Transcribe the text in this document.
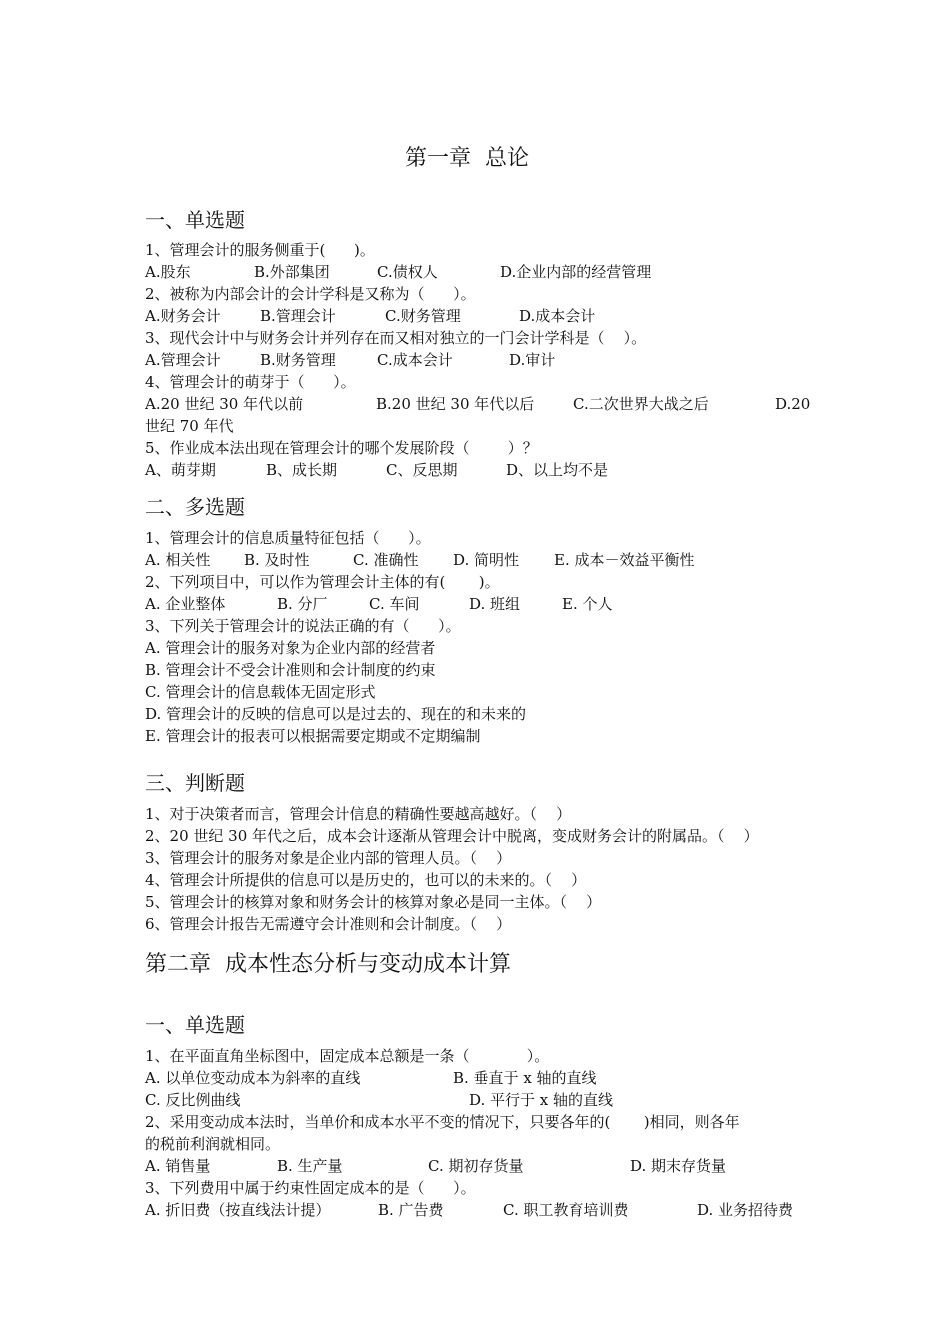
第一章  总论
一、单选题
1、管理会计的服务侧重于(      )。
A.股东	B.外部集团	C.债权人	D.企业内部的经营管理
2、被称为内部会计的会计学科是又称为（      ）。
A.财务会计	B.管理会计	C.财务管理	D.成本会计
3、现代会计中与财务会计并列存在而又相对独立的一门会计学科是（    ）。
A.管理会计	B.财务管理	C.成本会计	D.审计
4、管理会计的萌芽于（      ）。
A.20 世纪 30 年代以前	B.20 世纪 30 年代以后	C.二次世界大战之后	D.20
世纪 70 年代
5、作业成本法出现在管理会计的哪个发展阶段（        ）？
A、萌芽期	B、成长期	C、反思期	D、以上均不是
二、多选题
1、管理会计的信息质量特征包括（      ）。
A. 相关性 B. 及时性	C. 准确性 D. 简明性 E. 成本－效益平衡性
2、下列项目中，可以作为管理会计主体的有(       )。
A. 企业整体	B. 分厂	C. 车间	D. 班组	E. 个人
3、下列关于管理会计的说法正确的有（      ）。
A. 管理会计的服务对象为企业内部的经营者
B. 管理会计不受会计准则和会计制度的约束
C. 管理会计的信息载体无固定形式
D. 管理会计的反映的信息可以是过去的、现在的和未来的
E. 管理会计的报表可以根据需要定期或不定期编制
三、判断题
1、对于决策者而言，管理会计信息的精确性要越高越好。（    ）
2、20 世纪 30 年代之后，成本会计逐渐从管理会计中脱离，变成财务会计的附属品。（    ）
3、管理会计的服务对象是企业内部的管理人员。（    ）
4、管理会计所提供的信息可以是历史的，也可以的未来的。（    ）
5、管理会计的核算对象和财务会计的核算对象必是同一主体。（    ）
6、管理会计报告无需遵守会计准则和会计制度。（    ）
第二章  成本性态分析与变动成本计算
一、单选题
1、在平面直角坐标图中，固定成本总额是一条（            ）。
A. 以单位变动成本为斜率的直线	B. 垂直于 x 轴的直线
C. 反比例曲线	D. 平行于 x 轴的直线
2、采用变动成本法时，当单价和成本水平不变的情况下，只要各年的(       )相同，则各年
的税前利润就相同。
A. 销售量	B. 生产量	C. 期初存货量	D. 期末存货量
3、下列费用中属于约束性固定成本的是（      ）。
A. 折旧费（按直线法计提）	B. 广告费	C. 职工教育培训费	D. 业务招待费
